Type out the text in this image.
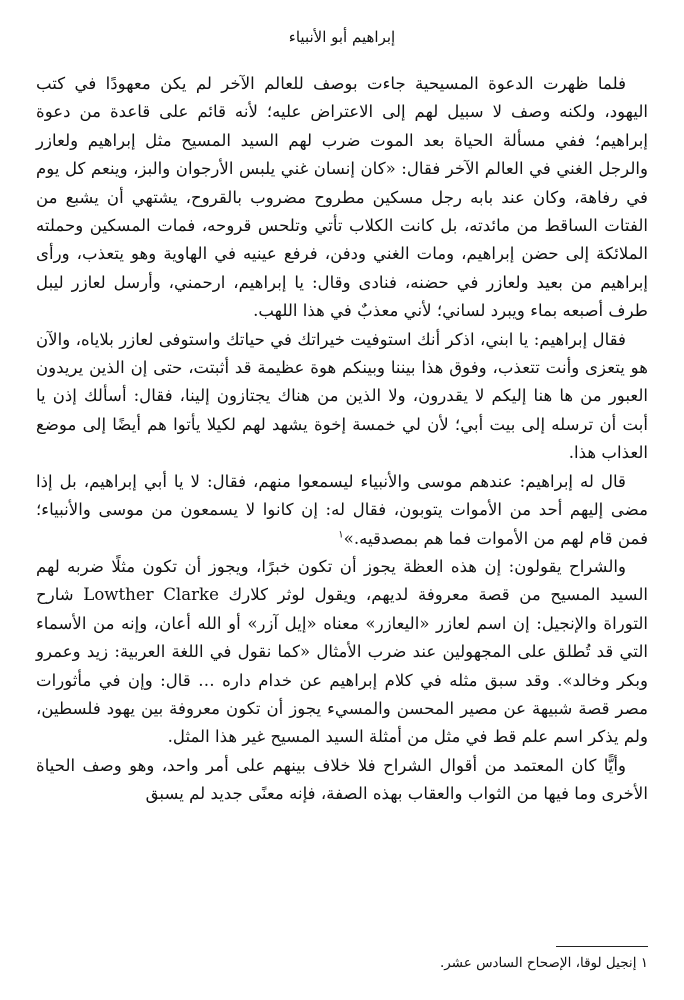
إبراهيم أبو الأنبياء

فلما ظهرت الدعوة المسيحية جاءت بوصف للعالم الآخر لم يكن معهودًا في كتب اليهود، ولكنه وصف لا سبيل لهم إلى الاعتراض عليه؛ لأنه قائم على قاعدة من دعوة إبراهيم؛ ففي مسألة الحياة بعد الموت ضرب لهم السيد المسيح مثل إبراهيم ولعازر والرجل الغني في العالم الآخر فقال: «كان إنسان غني يلبس الأرجوان والبز، وينعم كل يوم في رفاهة، وكان عند بابه رجل مسكين مطروح مضروب بالقروح، يشتهي أن يشبع من الفتات الساقط من مائدته، بل كانت الكلاب تأتي وتلحس قروحه، فمات المسكين وحملته الملائكة إلى حضن إبراهيم، ومات الغني ودفن، فرفع عينيه في الهاوية وهو يتعذب، ورأى إبراهيم من بعيد ولعازر في حضنه، فنادى وقال: يا إبراهيم، ارحمني، وأرسل لعازر ليبل طرف أصبعه بماء ويبرد لساني؛ لأني معذبٌ في هذا اللهب.

فقال إبراهيم: يا ابني، اذكر أنك استوفيت خيراتك في حياتك واستوفى لعازر بلاياه، والآن هو يتعزى وأنت تتعذب، وفوق هذا بيننا وبينكم هوة عظيمة قد أثبتت، حتى إن الذين يريدون العبور من ها هنا إليكم لا يقدرون، ولا الذين من هناك يجتازون إلينا، فقال: أسألك إذن يا أبت أن ترسله إلى بيت أبي؛ لأن لي خمسة إخوة يشهد لهم لكيلا يأتوا هم أيضًا إلى موضع العذاب هذا.

قال له إبراهيم: عندهم موسى والأنبياء ليسمعوا منهم، فقال: لا يا أبي إبراهيم، بل إذا مضى إليهم أحد من الأموات يتوبون، فقال له: إن كانوا لا يسمعون من موسى والأنبياء؛ فمن قام لهم من الأموات فما هم بمصدقيه.»$^١$

والشراح يقولون: إن هذه العظة يجوز أن تكون خبرًا، ويجوز أن تكون مثلًا ضربه لهم السيد المسيح من قصة معروفة لديهم، ويقول لوثر كلارك Lowther Clarke شارح التوراة والإنجيل: إن اسم لعازر «اليعازر» معناه «إيل آزر» أو الله أعان، وإنه من الأسماء التي قد تُطلق على المجهولين عند ضرب الأمثال «كما نقول في اللغة العربية: زيد وعمرو وبكر وخالد». وقد سبق مثله في كلام إبراهيم عن خدام داره … قال: وإن في مأثورات مصر قصة شبيهة عن مصير المحسن والمسيء يجوز أن تكون معروفة بين يهود فلسطين، ولم يذكر اسم علم قط في مثل من أمثلة السيد المسيح غير هذا المثل.

وأيًّا كان المعتمد من أقوال الشراح فلا خلاف بينهم على أمر واحد، وهو وصف الحياة الأخرى وما فيها من الثواب والعقاب بهذه الصفة، فإنه معنًى جديد لم يسبق

١ إنجيل لوقا، الإصحاح السادس عشر.
